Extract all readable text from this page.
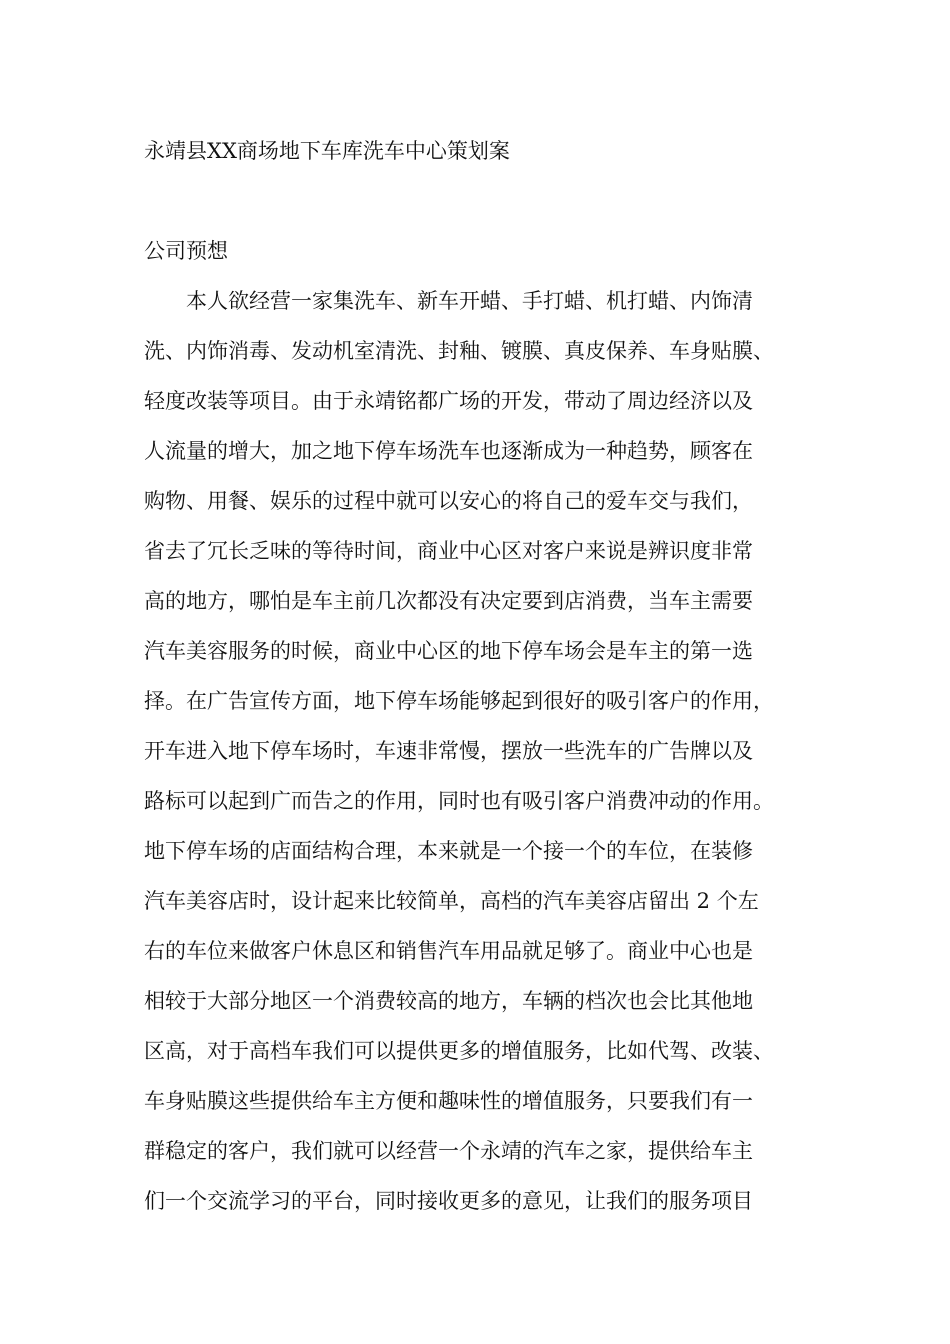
永靖县XX商场地下车库洗车中心策划案
公司预想
本人欲经营一家集洗车、新车开蜡、手打蜡、机打蜡、内饰清
洗、内饰消毒、发动机室清洗、封釉、镀膜、真皮保养、车身贴膜、
轻度改装等项目。由于永靖铭都广场的开发，带动了周边经济以及
人流量的增大，加之地下停车场洗车也逐渐成为一种趋势，顾客在
购物、用餐、娱乐的过程中就可以安心的将自己的爱车交与我们，
省去了冗长乏味的等待时间，商业中心区对客户来说是辨识度非常
高的地方，哪怕是车主前几次都没有决定要到店消费，当车主需要
汽车美容服务的时候，商业中心区的地下停车场会是车主的第一选
择。在广告宣传方面，地下停车场能够起到很好的吸引客户的作用，
开车进入地下停车场时，车速非常慢，摆放一些洗车的广告牌以及
路标可以起到广而告之的作用，同时也有吸引客户消费冲动的作用。
地下停车场的店面结构合理，本来就是一个接一个的车位，在装修
汽车美容店时，设计起来比较简单，高档的汽车美容店留出 2 个左
右的车位来做客户休息区和销售汽车用品就足够了。商业中心也是
相较于大部分地区一个消费较高的地方，车辆的档次也会比其他地
区高，对于高档车我们可以提供更多的增值服务，比如代驾、改装、
车身贴膜这些提供给车主方便和趣味性的增值服务，只要我们有一
群稳定的客户，我们就可以经营一个永靖的汽车之家，提供给车主
们一个交流学习的平台，同时接收更多的意见，让我们的服务项目
